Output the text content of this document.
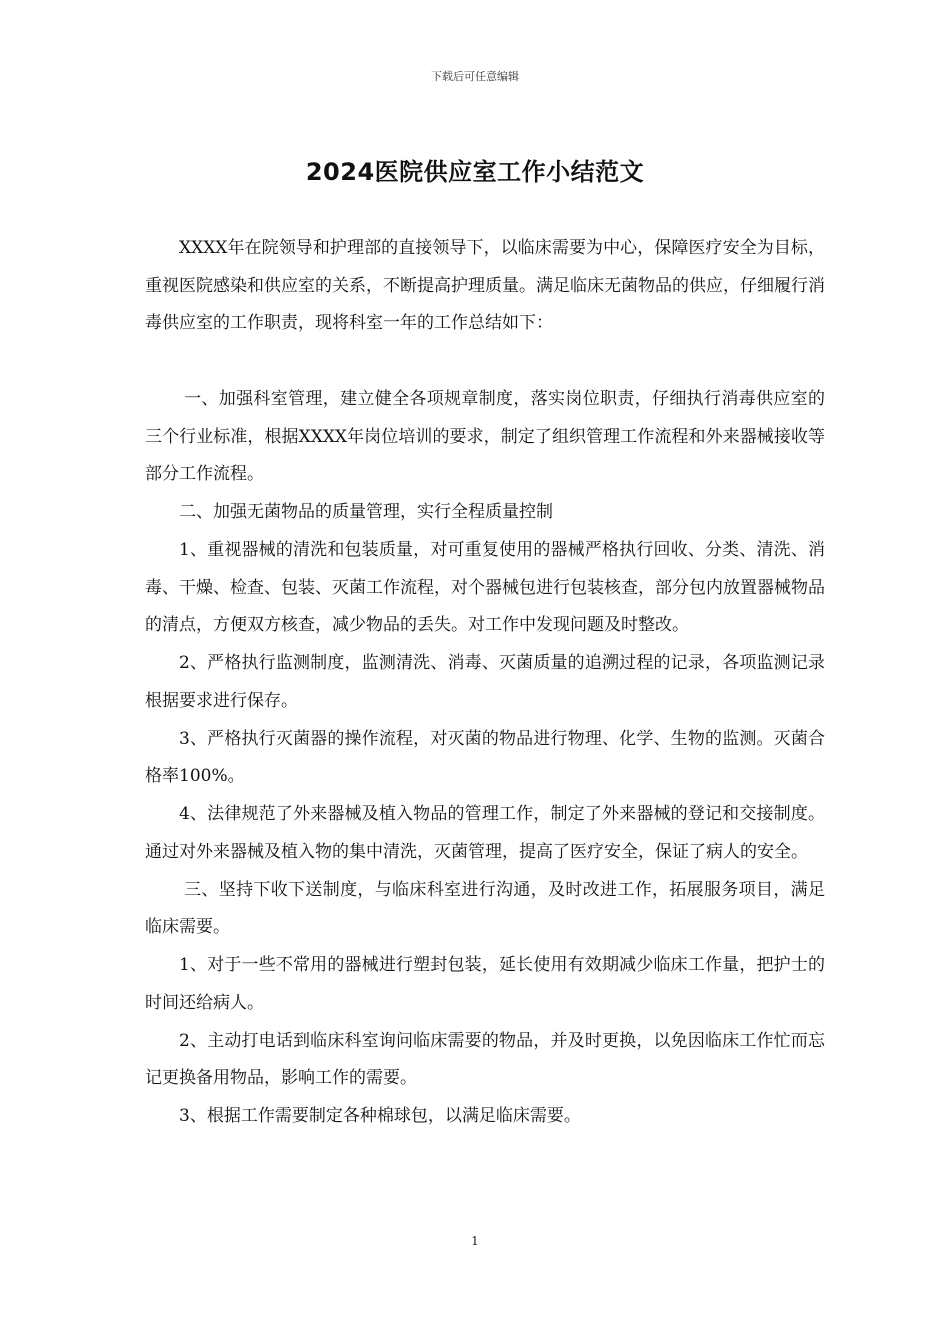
下载后可任意编辑
2024医院供应室工作小结范文

XXXX年在院领导和护理部的直接领导下，以临床需要为中心，保障医疗安全为目标，重视医院感染和供应室的关系，不断提高护理质量。满足临床无菌物品的供应，仔细履行消毒供应室的工作职责，现将科室一年的工作总结如下：

一、加强科室管理，建立健全各项规章制度，落实岗位职责，仔细执行消毒供应室的三个行业标准，根据XXXX年岗位培训的要求，制定了组织管理工作流程和外来器械接收等部分工作流程。

二、加强无菌物品的质量管理，实行全程质量控制

1、重视器械的清洗和包装质量，对可重复使用的器械严格执行回收、分类、清洗、消毒、干燥、检查、包装、灭菌工作流程，对个器械包进行包装核查，部分包内放置器械物品的清点，方便双方核查，减少物品的丢失。对工作中发现问题及时整改。

2、严格执行监测制度，监测清洗、消毒、灭菌质量的追溯过程的记录，各项监测记录根据要求进行保存。

3、严格执行灭菌器的操作流程，对灭菌的物品进行物理、化学、生物的监测。灭菌合格率100%。

4、法律规范了外来器械及植入物品的管理工作，制定了外来器械的登记和交接制度。通过对外来器械及植入物的集中清洗，灭菌管理，提高了医疗安全，保证了病人的安全。

三、坚持下收下送制度，与临床科室进行沟通，及时改进工作，拓展服务项目，满足临床需要。

1、对于一些不常用的器械进行塑封包装，延长使用有效期减少临床工作量，把护士的时间还给病人。

2、主动打电话到临床科室询问临床需要的物品，并及时更换，以免因临床工作忙而忘记更换备用物品，影响工作的需要。

3、根据工作需要制定各种棉球包，以满足临床需要。

1
